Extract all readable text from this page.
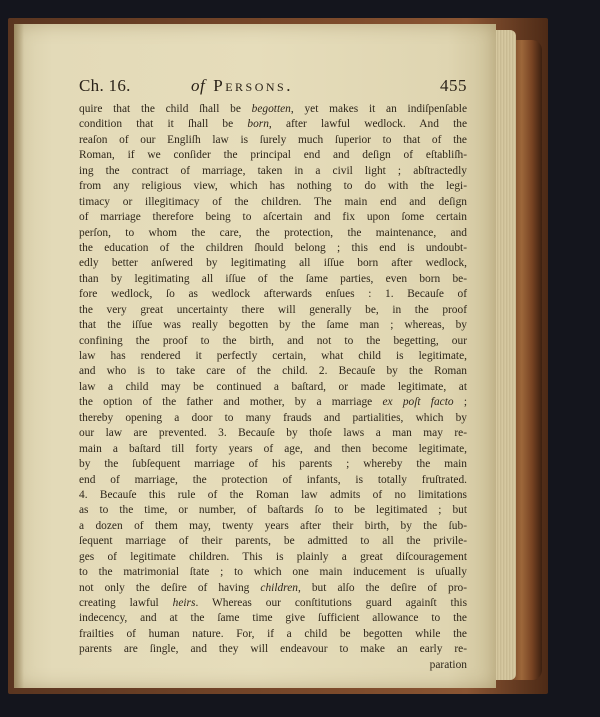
Ch. 16.	of Persons.	455
quire that the child ſhall be begotten, yet makes it an indiſpenſable
condition that it ſhall be born, after lawful wedlock. And the
reaſon of our Engliſh law is ſurely much ſuperior to that of the
Roman, if we conſider the principal end and deſign of eſtabliſh-
ing the contract of marriage, taken in a civil light ; abſtractedly
from any religious view, which has nothing to do with the legi-
timacy or illegitimacy of the children. The main end and deſign
of marriage therefore being to aſcertain and fix upon ſome certain
perſon, to whom the care, the protection, the maintenance, and
the education of the children ſhould belong ; this end is undoubt-
edly better anſwered by legitimating all iſſue born after wedlock,
than by legitimating all iſſue of the ſame parties, even born be-
fore wedlock, ſo as wedlock afterwards enſues : 1. Becauſe of
the very great uncertainty there will generally be, in the proof
that the iſſue was really begotten by the ſame man ; whereas, by
confining the proof to the birth, and not to the begetting, our
law has rendered it perfectly certain, what child is legitimate,
and who is to take care of the child. 2. Becauſe by the Roman
law a child may be continued a baſtard, or made legitimate, at
the option of the father and mother, by a marriage ex poſt facto ;
thereby opening a door to many frauds and partialities, which by
our law are prevented. 3. Becauſe by thoſe laws a man may re-
main a baſtard till forty years of age, and then become legitimate,
by the ſubſequent marriage of his parents ; whereby the main
end of marriage, the protection of infants, is totally fruſtrated.
4. Becauſe this rule of the Roman law admits of no limitations
as to the time, or number, of baſtards ſo to be legitimated ; but
a dozen of them may, twenty years after their birth, by the ſub-
ſequent marriage of their parents, be admitted to all the privile-
ges of legitimate children. This is plainly a great diſcouragement
to the matrimonial ſtate ; to which one main inducement is uſually
not only the deſire of having children, but alſo the deſire of pro-
creating lawful heirs. Whereas our conſtitutions guard againſt this
indecency, and at the ſame time give ſufficient allowance to the
frailties of human nature. For, if a child be begotten while the
parents are ſingle, and they will endeavour to make an early re-
paration
